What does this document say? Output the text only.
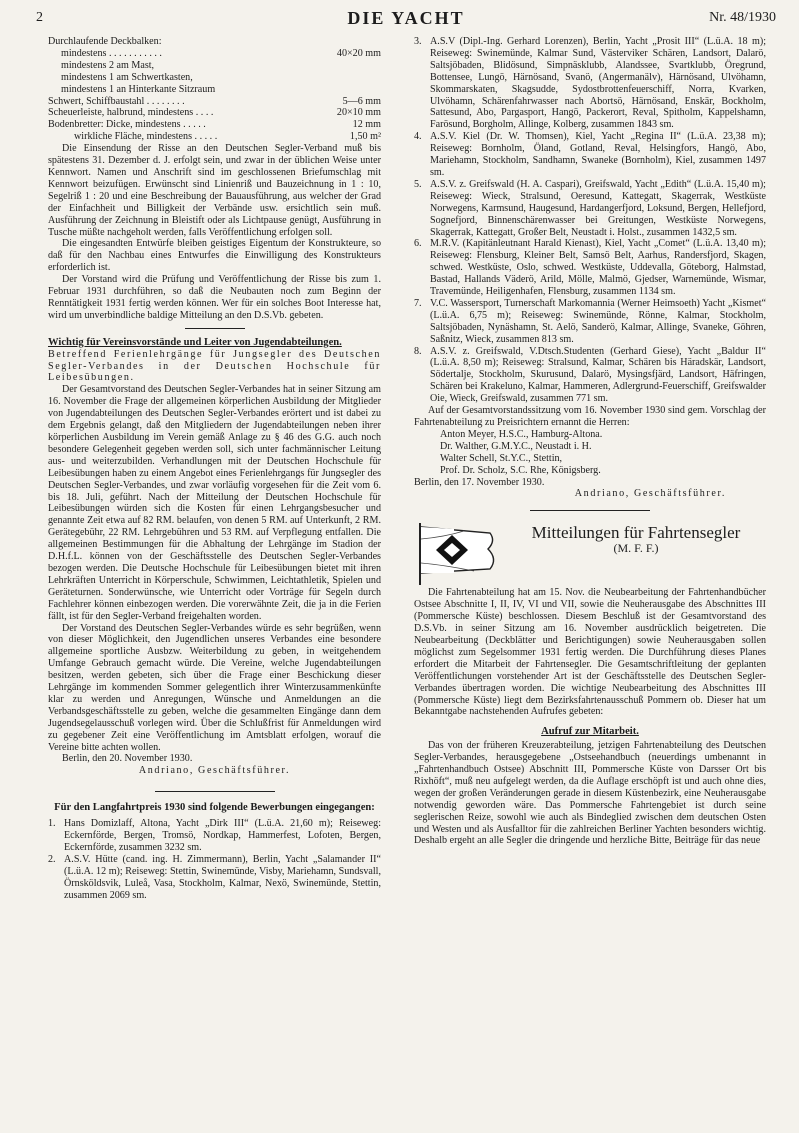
2	DIE YACHT	Nr. 48/1930

Durchlaufende Deckbalken:

mindestens . . . . . . . . . . .	40×20 mm
mindestens 2 am Mast,
mindestens 1 am Schwertkasten,
mindestens 1 an Hinterkante Sitzraum
Schwert, Schiffbaustahl . . . . . . . .	5—6 mm
Scheuerleiste, halbrund, mindestens . . . .	20×10 mm
Bodenbretter: Dicke, mindestens . . . . .	12 mm
wirkliche Fläche, mindestens . . . . .	1,50 m²

Die Einsendung der Risse an den Deutschen Segler-Verband muß bis spätestens 31. Dezember d. J. erfolgt sein, und zwar in der üblichen Weise unter Kennwort. Namen und Anschrift sind im geschlossenen Briefumschlag mit Kennwort beizufügen. Erwünscht sind Linienriß und Bauzeichnung in 1 : 10, Segelriß 1 : 20 und eine Beschreibung der Bauausführung, aus welcher der Grad der Einfachheit und Billigkeit der Verbände usw. ersichtlich sein muß. Ausführung der Zeichnung in Bleistift oder als Lichtpause genügt, Ausführung in Tusche müßte nachgeholt werden, falls Veröffentlichung erfolgen soll.

Die eingesandten Entwürfe bleiben geistiges Eigentum der Konstrukteure, so daß für den Nachbau eines Entwurfes die Einwilligung des Konstrukteurs erforderlich ist.

Der Vorstand wird die Prüfung und Veröffentlichung der Risse bis zum 1. Februar 1931 durchführen, so daß die Neubauten noch zum Beginn der Renntätigkeit 1931 fertig werden können. Wer für ein solches Boot Interesse hat, wird um unverbindliche baldige Mitteilung an den D.S.Vb. gebeten.

Wichtig für Vereinsvorstände und Leiter von Jugendabteilungen.

Betreffend Ferienlehrgänge für Jungsegler des Deutschen Segler-Verbandes in der Deutschen Hochschule für Leibesübungen.

Der Gesamtvorstand des Deutschen Segler-Verbandes hat in seiner Sitzung am 16. November die Frage der allgemeinen körperlichen Ausbildung der Mitglieder von Jugendabteilungen des Deutschen Segler-Verbandes erörtert und ist dabei zu dem Ergebnis gelangt, daß den Mitgliedern der Jugendabteilungen neben ihrer körperlichen Ausbildung im Verein gemäß Anlage zu § 46 des G.G. auch noch besondere Gelegenheit gegeben werden soll, sich unter fachmännischer Leitung aus- und weiterzubilden. Verhandlungen mit der Deutschen Hochschule für Leibesübungen haben zu einem Angebot eines Ferienlehrgangs für Jungsegler des Deutschen Segler-Verbandes, und zwar vorläufig vorgesehen für die Zeit vom 6. bis 18. Juli, geführt. Nach der Mitteilung der Deutschen Hochschule für Leibesübungen würden sich die Kosten für einen Lehrgangsbesucher und genannte Zeit etwa auf 82 RM. belaufen, von denen 5 RM. auf Unterkunft, 2 RM. Gerätegebühr, 22 RM. Lehrgebühren und 53 RM. auf Verpflegung entfallen. Die allgemeinen Bestimmungen für die Abhaltung der Lehrgänge im Stadion der D.H.f.L. können von der Geschäftsstelle des Deutschen Segler-Verbandes bezogen werden. Die Deutsche Hochschule für Leibesübungen bietet mit ihren Lehrkräften Unterricht in Körperschule, Schwimmen, Leichtathletik, Spielen und Geräteturnen. Sonderwünsche, wie Unterricht oder Vorträge für Segeln durch Fachlehrer können einbezogen werden. Die vorerwähnte Zeit, die ja in die Ferien fällt, ist für den Segler-Verband freigehalten worden.

Der Vorstand des Deutschen Segler-Verbandes würde es sehr begrüßen, wenn von dieser Möglichkeit, den Jugendlichen unseres Verbandes eine besondere allgemeine sportliche Ausbzw. Weiterbildung zu geben, in weitgehendem Umfange Gebrauch gemacht würde. Die Vereine, welche Jugendabteilungen besitzen, werden gebeten, sich über die Frage einer Beschickung dieser Lehrgänge im kommenden Sommer gelegentlich ihrer Winterzusammenkünfte klar zu werden und Anregungen, Wünsche und Anmeldungen an die Verbandsgeschäftsstelle zu geben, welche die gesammelten Eingänge dann dem Jugendsegelausschuß vorlegen wird. Über die Schlußfrist für Anmeldungen wird zu gegebener Zeit eine Veröffentlichung im Amtsblatt erfolgen, worauf die Vereine bitte achten wollen.

Berlin, den 20. November 1930.

Andriano, Geschäftsführer.

Für den Langfahrtpreis 1930 sind folgende Bewerbungen eingegangen:

1. Hans Domizlaff, Altona, Yacht „Dirk III“ (L.ü.A. 21,60 m); Reiseweg: Eckernförde, Bergen, Tromsö, Nordkap, Hammerfest, Lofoten, Bergen, Eckernförde, zusammen 3232 sm.
2. A.S.V. Hütte (cand. ing. H. Zimmermann), Berlin, Yacht „Salamander II“ (L.ü.A. 12 m); Reiseweg: Stettin, Swinemünde, Visby, Mariehamn, Sundsvall, Örnsköldsvik, Luleå, Vasa, Stockholm, Kalmar, Nexö, Swinemünde, Stettin, zusammen 2069 sm.
3. A.S.V (Dipl.-Ing. Gerhard Lorenzen), Berlin, Yacht „Prosit III“ (L.ü.A. 18 m); Reiseweg: Swinemünde, Kalmar Sund, Västerviker Schären, Landsort, Dalarö, Saltsjöbaden, Blidösund, Simpnäsklubb, Alandssee, Svartklubb, Öregrund, Bottensee, Lungö, Härnösand, Svanö, (Angermanälv), Härnösand, Ulvöhamn, Skommarskaten, Skagsudde, Sydostbrottenfeuerschiff, Norra, Kvarken, Ulvöhamn, Schärenfahrwasser nach Abortsö, Härnösand, Enskär, Bockholm, Sattesund, Abo, Pargasport, Hangö, Packerort, Reval, Spitholm, Kappelshamn, Farösund, Borgholm, Allinge, Kolberg, zusammen 1843 sm.
4. A.S.V. Kiel (Dr. W. Thomsen), Kiel, Yacht „Regina II“ (L.ü.A. 23,38 m); Reiseweg: Bornholm, Öland, Gotland, Reval, Helsingfors, Hangö, Abo, Mariehamn, Stockholm, Sandhamn, Swaneke (Bornholm), Kiel, zusammen 1497 sm.
5. A.S.V. z. Greifswald (H. A. Caspari), Greifswald, Yacht „Edith“ (L.ü.A. 15,40 m); Reiseweg: Wieck, Stralsund, Oeresund, Kattegatt, Skagerrak, Westküste Norwegens, Karmsund, Haugesund, Hardangerfjord, Loksund, Bergen, Hellefjord, Sognefjord, Binnenschärenwasser bei Greitungen, Westküste Norwegens, Skagerrak, Kattegatt, Großer Belt, Neustadt i. Holst., zusammen 1432,5 sm.
6. M.R.V. (Kapitänleutnant Harald Kienast), Kiel, Yacht „Comet“ (L.ü.A. 13,40 m); Reiseweg: Flensburg, Kleiner Belt, Samsö Belt, Aarhus, Randersfjord, Skagen, schwed. Westküste, Oslo, schwed. Westküste, Uddevalla, Göteborg, Halmstad, Bastad, Hallands Väderö, Arild, Mölle, Malmö, Gjedser, Warnemünde, Wismar, Travemünde, Heiligenhafen, Flensburg, zusammen 1134 sm.
7. V.C. Wassersport, Turnerschaft Markomannia (Werner Heimsoeth) Yacht „Kismet“ (L.ü.A. 6,75 m); Reiseweg: Swinemünde, Rönne, Kalmar, Stockholm, Saltsjöbaden, Nynäshamn, St. Aelö, Sanderö, Kalmar, Allinge, Svaneke, Göhren, Saßnitz, Wieck, zusammen 813 sm.
8. A.S.V. z. Greifswald, V.Dtsch.Studenten (Gerhard Giese), Yacht „Baldur II“ (L.ü.A. 8,50 m); Reiseweg: Stralsund, Kalmar, Schären bis Häradskär, Landsort, Södertalje, Stockholm, Skurusund, Dalarö, Mysingsfjärd, Landsort, Häfringen, Schären bei Krakeluno, Kalmar, Hammeren, Adlergrund-Feuerschiff, Greifswalder Oie, Wieck, Greifswald, zusammen 771 sm.

Auf der Gesamtvorstandssitzung vom 16. November 1930 sind gem. Vorschlag der Fahrtenabteilung zu Preisrichtern ernannt die Herren:

Anton Meyer, H.S.C., Hamburg-Altona.

Dr. Walther, G.M.Y.C., Neustadt i. H.

Walter Schell, St.Y.C., Stettin,

Prof. Dr. Scholz, S.C. Rhe, Königsberg.

Berlin, den 17. November 1930.

Andriano, Geschäftsführer.

Mitteilungen für Fahrtensegler
(M. F. F.)

Die Fahrtenabteilung hat am 15. Nov. die Neubearbeitung der Fahrtenhandbücher Ostsee Abschnitte I, II, IV, VI und VII, sowie die Neuherausgabe des Abschnittes III (Pommersche Küste) beschlossen. Diesem Beschluß ist der Gesamtvorstand des D.S.Vb. in seiner Sitzung am 16. November ausdrücklich beigetreten. Die Neubearbeitung (Deckblätter und Berichtigungen) sowie Neuherausgaben sollen möglichst zum Segelsommer 1931 fertig werden. Die Durchführung dieses Planes erfordert die Mitarbeit der Fahrtensegler. Die Gesamtschriftleitung der geplanten Veröffentlichungen vorstehender Art ist der Geschäftsstelle des Deutschen Segler-Verbandes übertragen worden. Die wichtige Neubearbeitung des Abschnittes III (Pommersche Küste) liegt dem Bezirksfahrtenausschuß Pommern ob. Dieser hat um Bekanntgabe nachstehenden Aufrufes gebeten:

Aufruf zur Mitarbeit.

Das von der früheren Kreuzerabteilung, jetzigen Fahrtenabteilung des Deutschen Segler-Verbandes, herausgegebene „Ostseehandbuch (neuerdings umbenannt in „Fahrtenhandbuch Ostsee) Abschnitt III, Pommersche Küste von Darsser Ort bis Rixhöft“, muß neu aufgelegt werden, da die Auflage erschöpft ist und auch ohne dies, wegen der großen Veränderungen gerade in diesem Küstenbezirk, eine Neuherausgabe notwendig geworden wäre. Das Pommersche Fahrtengebiet ist durch seine seglerischen Reize, sowohl wie auch als Bindeglied zwischen dem deutschen Osten und Westen und als Ausfalltor für die zahlreichen Berliner Yachten besonders wichtig. Deshalb ergeht an alle Segler die dringende und herzliche Bitte, Beiträge für das neue
